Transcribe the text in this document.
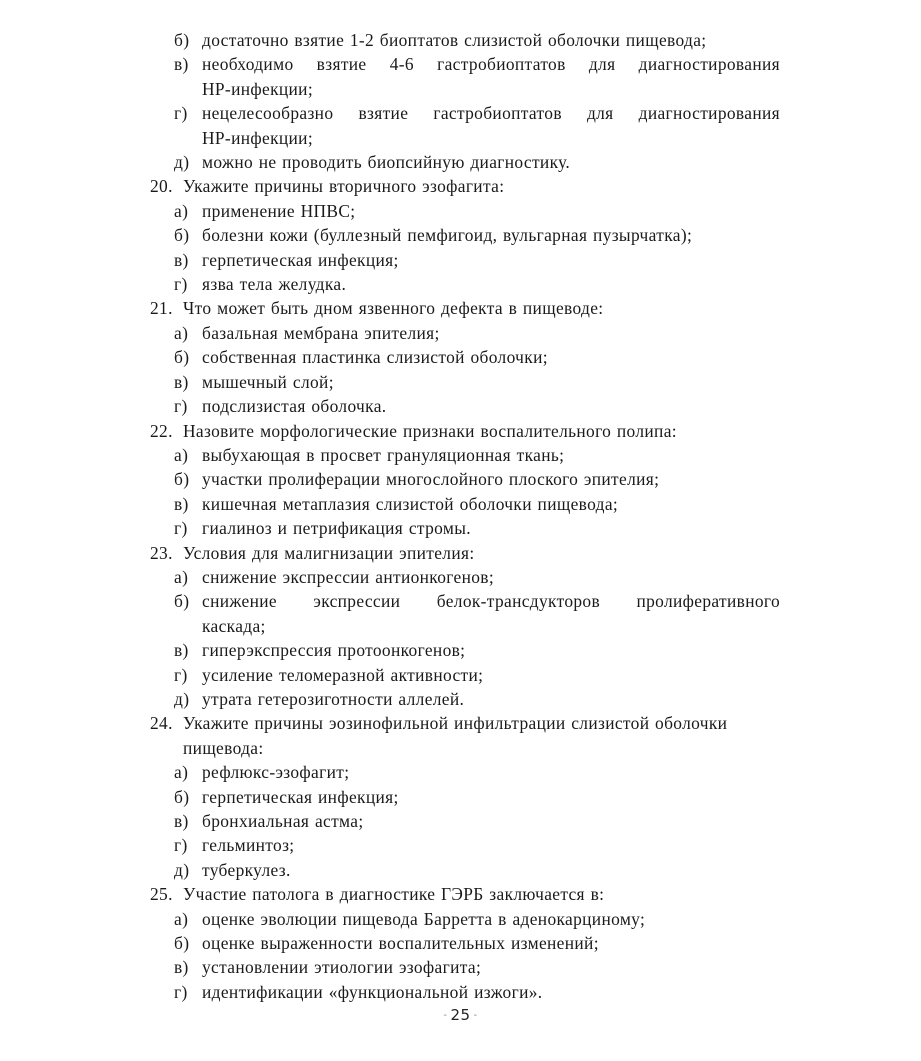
б) достаточно взятие 1-2 биоптатов слизистой оболочки пищевода;
в) необходимо взятие 4-6 гастробиоптатов для диагностирования
HP-инфекции;
г) нецелесообразно взятие гастробиоптатов для диагностирования
HP-инфекции;
д) можно не проводить биопсийную диагностику.
20. Укажите причины вторичного эзофагита:
а) применение НПВС;
б) болезни кожи (буллезный пемфигоид, вульгарная пузырчатка);
в) герпетическая инфекция;
г) язва тела желудка.
21. Что может быть дном язвенного дефекта в пищеводе:
а) базальная мембрана эпителия;
б) собственная пластинка слизистой оболочки;
в) мышечный слой;
г) подслизистая оболочка.
22. Назовите морфологические признаки воспалительного полипа:
а) выбухающая в просвет грануляционная ткань;
б) участки пролиферации многослойного плоского эпителия;
в) кишечная метаплазия слизистой оболочки пищевода;
г) гиалиноз и петрификация стромы.
23. Условия для малигнизации эпителия:
а) снижение экспрессии антионкогенов;
б) снижение экспрессии белок-трансдукторов пролиферативного
каскада;
в) гиперэкспрессия протоонкогенов;
г) усиление теломеразной активности;
д) утрата гетерозиготности аллелей.
24. Укажите причины эозинофильной инфильтрации слизистой оболочки
пищевода:
а) рефлюкс-эзофагит;
б) герпетическая инфекция;
в) бронхиальная астма;
г) гельминтоз;
д) туберкулез.
25. Участие патолога в диагностике ГЭРБ заключается в:
а) оценке эволюции пищевода Барретта в аденокарциному;
б) оценке выраженности воспалительных изменений;
в) установлении этиологии эзофагита;
г) идентификации «функциональной изжоги».
- 25 -
